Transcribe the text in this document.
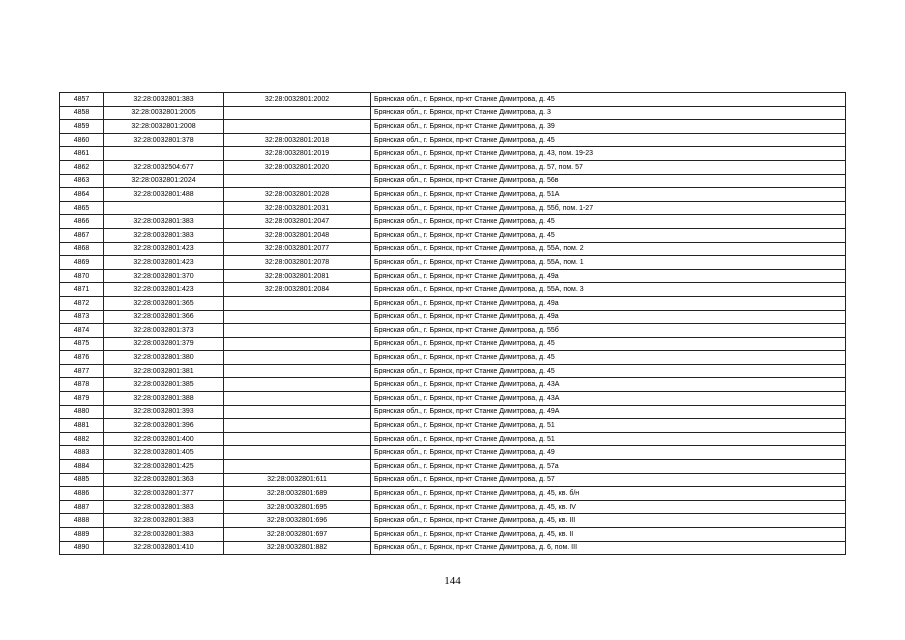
4857	32:28:0032801:383	32:28:0032801:2002	Брянская обл., г. Брянск, пр-кт Станке Димитрова, д. 45
4858	32:28:0032801:2005		Брянская обл., г. Брянск, пр-кт Станке Димитрова, д. 3
4859	32:28:0032801:2008		Брянская обл., г. Брянск, пр-кт Станке Димитрова, д. 39
4860	32:28:0032801:378	32:28:0032801:2018	Брянская обл., г. Брянск, пр-кт Станке Димитрова, д. 45
4861		32:28:0032801:2019	Брянская обл., г. Брянск, пр-кт Станке Димитрова, д. 43, пом. 19-23
4862	32:28:0032504:677	32:28:0032801:2020	Брянская обл., г. Брянск, пр-кт Станке Димитрова, д. 57, пом. 57
4863	32:28:0032801:2024		Брянская обл., г. Брянск, пр-кт Станке Димитрова, д. 56в
4864	32:28:0032801:488	32:28:0032801:2028	Брянская обл., г. Брянск, пр-кт Станке Димитрова, д. 51А
4865		32:28:0032801:2031	Брянская обл., г. Брянск, пр-кт Станке Димитрова, д. 55б, пом. 1-27
4866	32:28:0032801:383	32:28:0032801:2047	Брянская обл., г. Брянск, пр-кт Станке Димитрова, д. 45
4867	32:28:0032801:383	32:28:0032801:2048	Брянская обл., г. Брянск, пр-кт Станке Димитрова, д. 45
4868	32:28:0032801:423	32:28:0032801:2077	Брянская обл., г. Брянск, пр-кт Станке Димитрова, д. 55А, пом. 2
4869	32:28:0032801:423	32:28:0032801:2078	Брянская обл., г. Брянск, пр-кт Станке Димитрова, д. 55А, пом. 1
4870	32:28:0032801:370	32:28:0032801:2081	Брянская обл., г. Брянск, пр-кт Станке Димитрова, д. 49а
4871	32:28:0032801:423	32:28:0032801:2084	Брянская обл., г. Брянск, пр-кт Станке Димитрова, д. 55А, пом. 3
4872	32:28:0032801:365		Брянская обл., г. Брянск, пр-кт Станке Димитрова, д. 49а
4873	32:28:0032801:366		Брянская обл., г. Брянск, пр-кт Станке Димитрова, д. 49а
4874	32:28:0032801:373		Брянская обл., г. Брянск, пр-кт Станке Димитрова, д. 55б
4875	32:28:0032801:379		Брянская обл., г. Брянск, пр-кт Станке Димитрова, д. 45
4876	32:28:0032801:380		Брянская обл., г. Брянск, пр-кт Станке Димитрова, д. 45
4877	32:28:0032801:381		Брянская обл., г. Брянск, пр-кт Станке Димитрова, д. 45
4878	32:28:0032801:385		Брянская обл., г. Брянск, пр-кт Станке Димитрова, д. 43А
4879	32:28:0032801:388		Брянская обл., г. Брянск, пр-кт Станке Димитрова, д. 43А
4880	32:28:0032801:393		Брянская обл., г. Брянск, пр-кт Станке Димитрова, д. 49А
4881	32:28:0032801:396		Брянская обл., г. Брянск, пр-кт Станке Димитрова, д. 51
4882	32:28:0032801:400		Брянская обл., г. Брянск, пр-кт Станке Димитрова, д. 51
4883	32:28:0032801:405		Брянская обл., г. Брянск, пр-кт Станке Димитрова, д. 49
4884	32:28:0032801:425		Брянская обл., г. Брянск, пр-кт Станке Димитрова, д. 57а
4885	32:28:0032801:363	32:28:0032801:611	Брянская обл., г. Брянск, пр-кт Станке Димитрова, д. 57
4886	32:28:0032801:377	32:28:0032801:689	Брянская обл., г. Брянск, пр-кт Станке Димитрова, д. 45, кв. б/н
4887	32:28:0032801:383	32:28:0032801:695	Брянская обл., г. Брянск, пр-кт Станке Димитрова, д. 45, кв. IV
4888	32:28:0032801:383	32:28:0032801:696	Брянская обл., г. Брянск, пр-кт Станке Димитрова, д. 45, кв. III
4889	32:28:0032801:383	32:28:0032801:697	Брянская обл., г. Брянск, пр-кт Станке Димитрова, д. 45, кв. II
4890	32:28:0032801:410	32:28:0032801:882	Брянская обл., г. Брянск, пр-кт Станке Димитрова, д. 6, пом. III
144
